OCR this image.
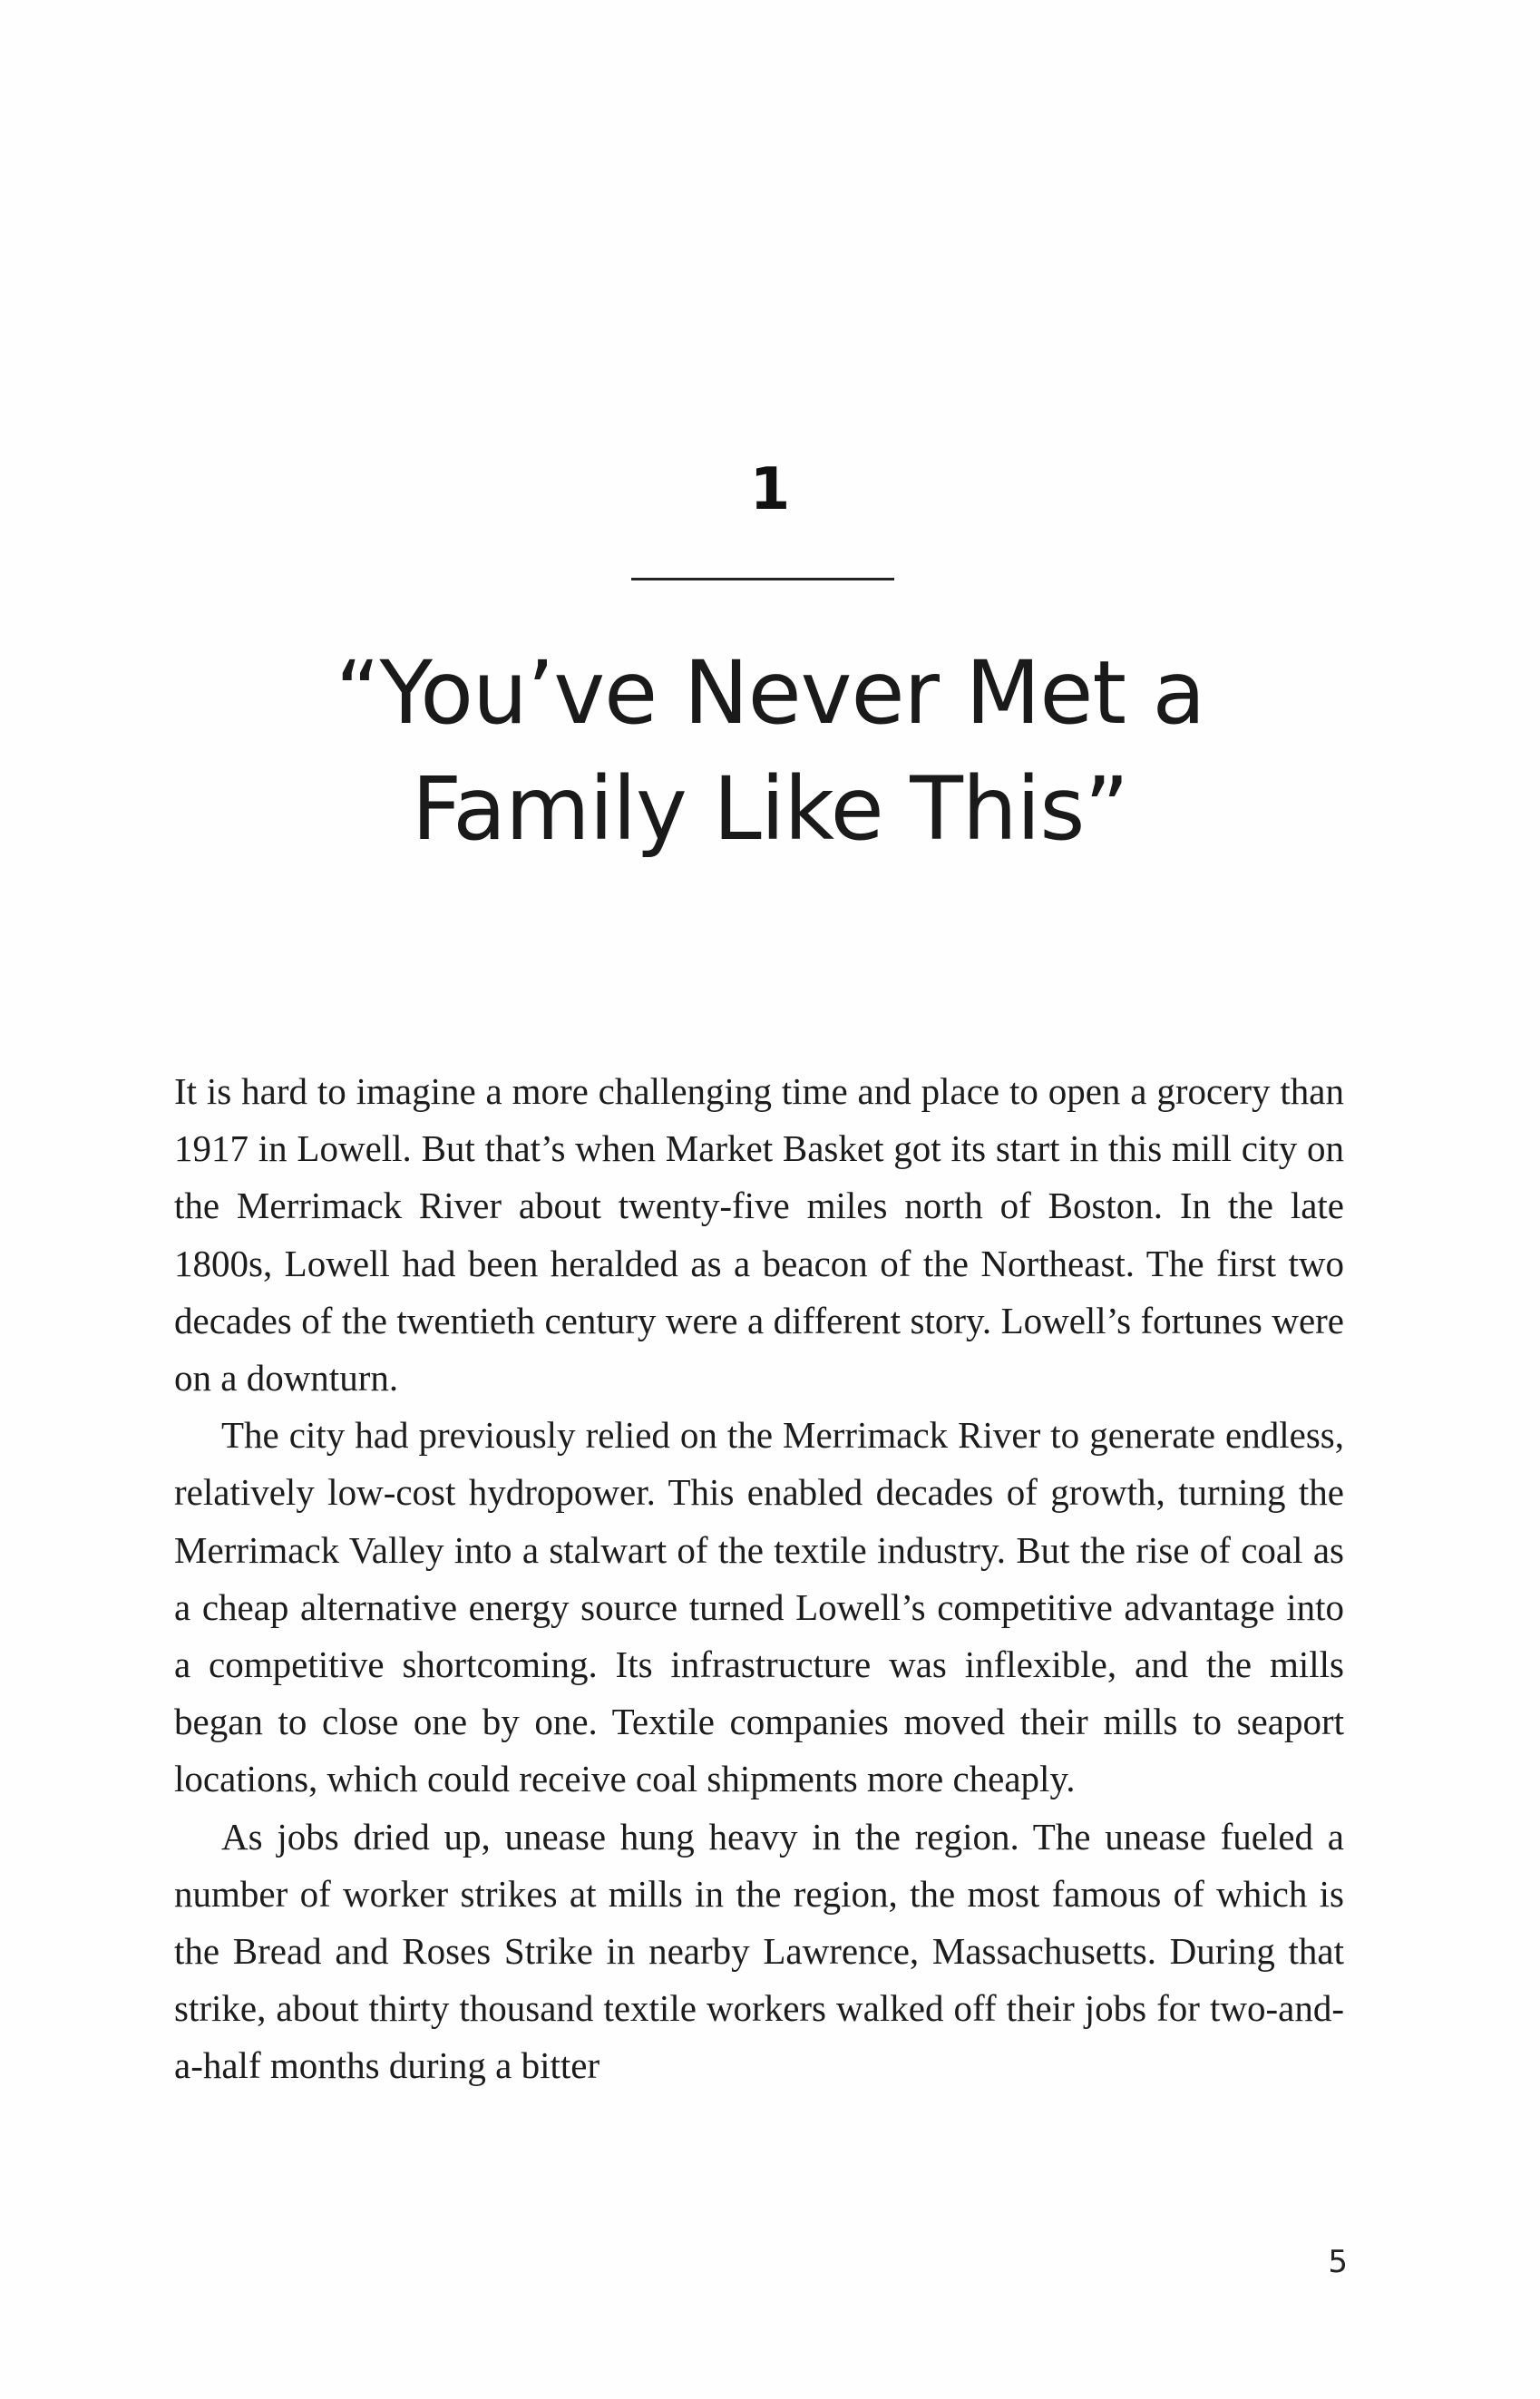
1
“You’ve Never Met a
Family Like This”

It is hard to imagine a more challenging time and place to open a grocery than 1917 in Lowell. But that’s when Market Basket got its start in this mill city on the Merrimack River about twenty-five miles north of Boston. In the late 1800s, Lowell had been heralded as a beacon of the Northeast. The first two decades of the twentieth century were a different story. Lowell’s fortunes were on a downturn.

The city had previously relied on the Merrimack River to generate endless, relatively low-cost hydropower. This enabled decades of growth, turning the Merrimack Valley into a stalwart of the textile industry. But the rise of coal as a cheap alternative energy source turned Lowell’s competitive advantage into a competitive shortcoming. Its infrastructure was inflexible, and the mills began to close one by one. Textile companies moved their mills to seaport locations, which could receive coal shipments more cheaply.

As jobs dried up, unease hung heavy in the region. The unease fueled a number of worker strikes at mills in the region, the most famous of which is the Bread and Roses Strike in nearby Lawrence, Massachusetts. During that strike, about thirty thousand textile workers walked off their jobs for two-and-a-half months during a bitter

5
